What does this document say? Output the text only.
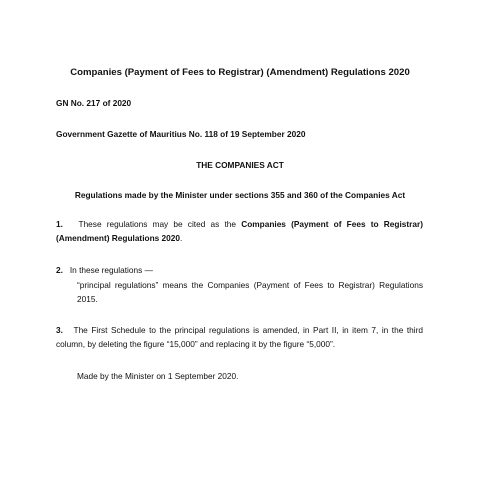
Companies (Payment of Fees to Registrar) (Amendment) Regulations 2020
GN No. 217 of 2020
Government Gazette of Mauritius No. 118 of 19 September 2020
THE COMPANIES ACT
Regulations made by the Minister under sections 355 and 360 of the Companies Act
1. These regulations may be cited as the Companies (Payment of Fees to Registrar)
(Amendment) Regulations 2020.
2. In these regulations —
“principal regulations” means the Companies (Payment of Fees to Registrar) Regulations
2015.
3. The First Schedule to the principal regulations is amended, in Part II, in item 7, in the third
column, by deleting the figure “15,000” and replacing it by the figure “5,000”.
Made by the Minister on 1 September 2020.
